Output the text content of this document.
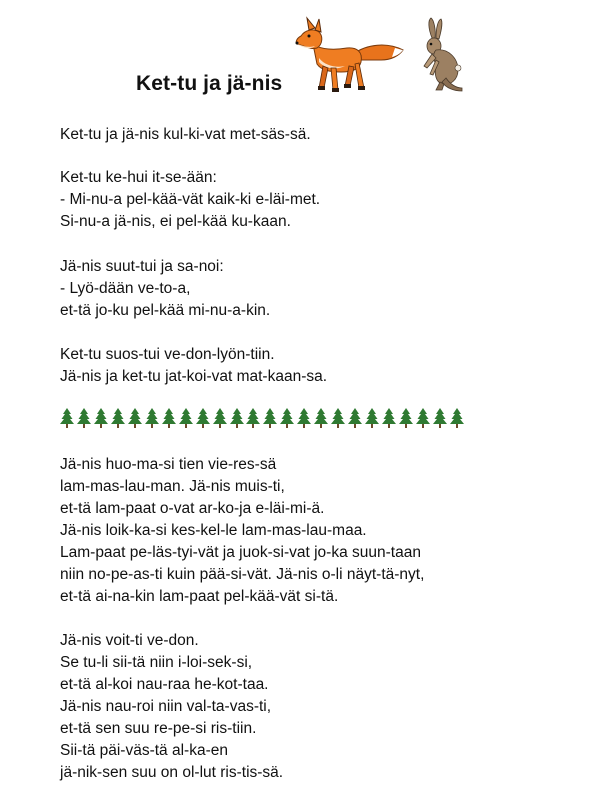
Ket-tu ja jä-nis
Ket-tu ja jä-nis kul-ki-vat met-säs-sä.
Ket-tu ke-hui it-se-ään:
- Mi-nu-a pel-kää-vät kaik-ki e-läi-met.
Si-nu-a jä-nis, ei pel-kää ku-kaan.
Jä-nis suut-tui ja sa-noi:
- Lyö-dään ve-to-a,
et-tä jo-ku pel-kää mi-nu-a-kin.
Ket-tu suos-tui ve-don-lyön-tiin.
Jä-nis ja ket-tu jat-koi-vat mat-kaan-sa.
Jä-nis huo-ma-si tien vie-res-sä
lam-mas-lau-man. Jä-nis muis-ti,
et-tä lam-paat o-vat ar-ko-ja e-läi-mi-ä.
Jä-nis loik-ka-si kes-kel-le lam-mas-lau-maa.
Lam-paat pe-läs-tyi-vät ja juok-si-vat jo-ka suun-taan
niin no-pe-as-ti kuin pää-si-vät. Jä-nis o-li näyt-tä-nyt,
et-tä ai-na-kin lam-paat pel-kää-vät si-tä.
Jä-nis voit-ti ve-don.
Se tu-li sii-tä niin i-loi-sek-si,
et-tä al-koi nau-raa he-kot-taa.
Jä-nis nau-roi niin val-ta-vas-ti,
et-tä sen suu re-pe-si ris-tiin.
Sii-tä päi-väs-tä al-ka-en
jä-nik-sen suu on ol-lut ris-tis-sä.
